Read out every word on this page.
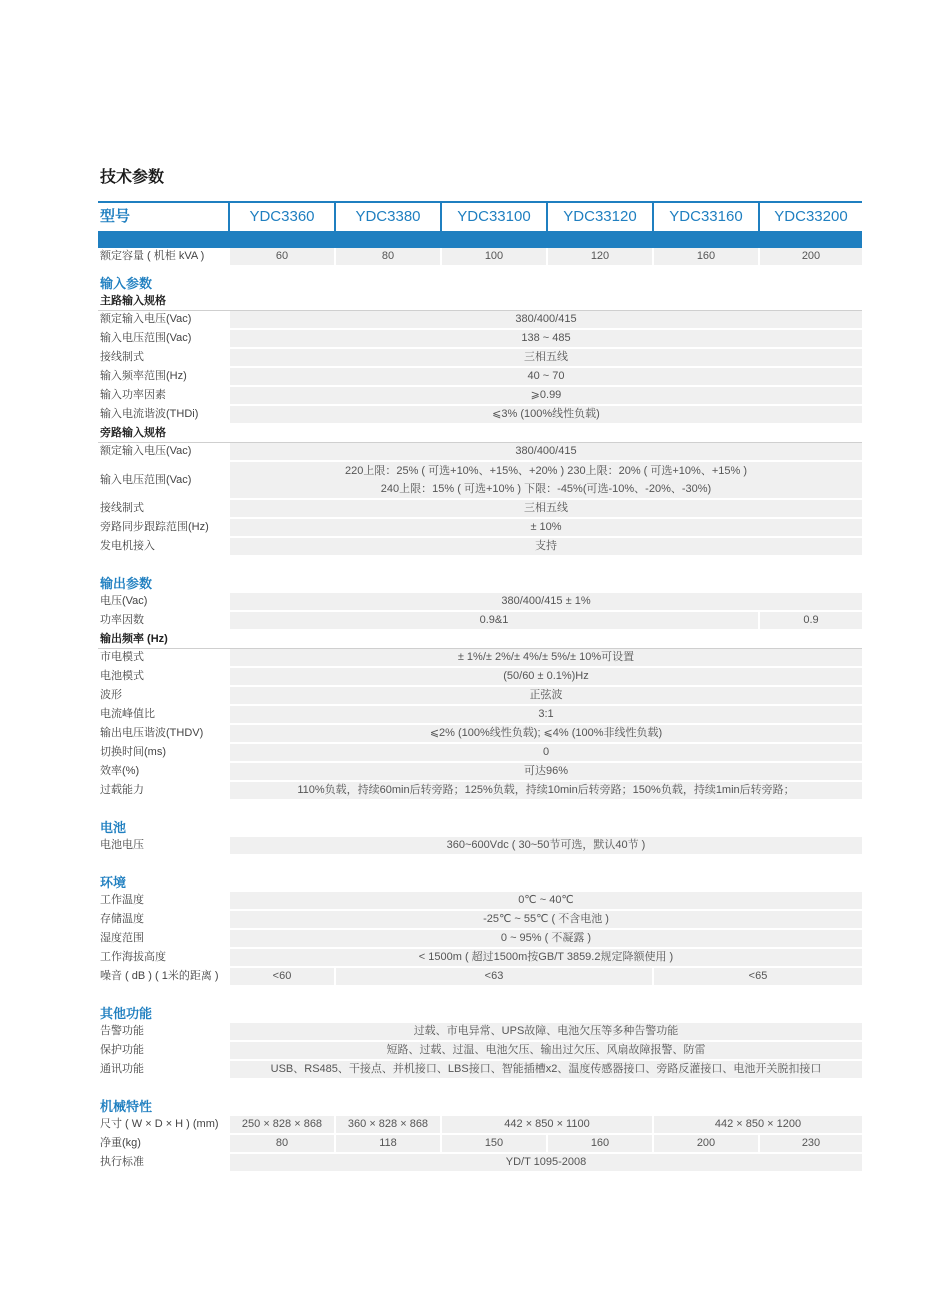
技术参数
型号	YDC3360	YDC3380	YDC33100	YDC33120	YDC33160	YDC33200

额定容量 ( 机柜 kVA )	60	80	100	120	160	200
输入参数						
主路输入规格						

额定输入电压(Vac)	380/400/415					
输入电压范围(Vac)	138 ~ 485					
接线制式	三相五线					
输入频率范围(Hz)	40 ~ 70					
输入功率因素	⩾0.99					
输入电流谐波(THDi)	⩽3% (100%线性负载)					
旁路输入规格						

额定输入电压(Vac)	380/400/415					
输入电压范围(Vac)	220上限：25% ( 可选+10%、+15%、+20% ) 230上限：20% ( 可选+10%、+15% )
240上限：15% ( 可选+10% ) 下限：-45%(可选-10%、-20%、-30%)					

接线制式	三相五线					
旁路同步跟踪范围(Hz)	± 10%					
发电机接入	支持					
输出参数						
电压(Vac)	380/400/415 ± 1%					
功率因数	0.9&1					0.9
输出频率 (Hz)						

市电模式	± 1%/± 2%/± 4%/± 5%/± 10%可设置					
电池模式	(50/60 ± 0.1%)Hz					
波形	正弦波					
电流峰值比	3:1					
输出电压谐波(THDV)	⩽2% (100%线性负载); ⩽4% (100%非线性负载)					
切换时间(ms)	0					
效率(%)	可达96%					
过载能力	110%负载，持续60min后转旁路；125%负载，持续10min后转旁路；150%负载，持续1min后转旁路；					
电池						
电池电压	360~600Vdc ( 30~50节可选，默认40节 )					
环境						
工作温度	0℃ ~ 40℃					
存储温度	-25℃ ~ 55℃ ( 不含电池 )					
湿度范围	0 ~ 95% ( 不凝露 )					
工作海拔高度	< 1500m ( 超过1500m按GB/T 3859.2规定降额使用 )					
噪音 ( dB ) ( 1米的距离 )	<60	<63			<65	
其他功能						
告警功能	过载、市电异常、UPS故障、电池欠压等多种告警功能					
保护功能	短路、过载、过温、电池欠压、输出过欠压、风扇故障报警、防雷					
通讯功能	USB、RS485、干接点、并机接口、LBS接口、智能插槽x2、温度传感器接口、旁路反灌接口、电池开关脱扣接口					
机械特性						
尺寸 ( W × D × H ) (mm)	250 × 828 × 868	360 × 828 × 868	442 × 850 × 1100		442 × 850 × 1200	
净重(kg)	80	118	150	160	200	230
执行标准	YD/T 1095-2008					
